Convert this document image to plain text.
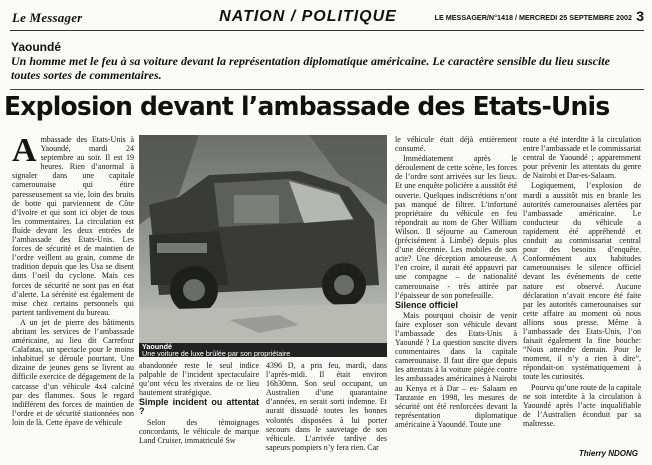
Le Messager	NATION / POLITIQUE	LE MESSAGER/N°1418 / MERCREDI 25 SEPTEMBRE 2002 3
Yaoundé
Un homme met le feu à sa voiture devant la représentation diplomatique américaine. Le caractère sensible du lieu suscite toutes sortes de commentaires.
Explosion devant l’ambassade des Etats-Unis

Ambassade des Etats-Unis à Yaoundé, mardi 24 septembre au soir. Il est 19 heures. Rien d’anormal à signaler dans une capitale camerounaise qui étire paresseusement sa vie, loin des bruits de botte qui parviennent de Côte d’Ivoire et qui sont ici objet de tous les commentaires. La circulation est fluide devant les deux entrées de l’ambassade des Etats-Unis. Les forces de sécurité et de maintien de l’ordre veillent au grain, comme de tradition depuis que les Usa se disent dans l’oeil du cyclone. Mais ces forces de sécurité ne sont pas en état d’alerte. La sérénité est également de mise chez certains personnels qui partent tardivement du bureau.

A un jet de pierre des bâtiments abritant les services de l’ambassade américaine, au lieu dit Carrefour Calafatas, un spectacle pour le moins inhabituel se déroule pourtant. Une dizaine de jeunes gens se livrent au difficile exercice de dégagement de la carcasse d’un véhicule 4x4 calciné par des flammes. Sous le regard indifférent des forces de maintien de l’ordre et de sécurité stationnées non loin de là. Cette épave de véhicule

Yaoundé
Une voiture de luxe brûlée par son propriétaire

abandonnée reste le seul indice palpable de l’incident spectaculaire qu’ont vécu les riverains de ce lieu hautement stratégique.

Simple incident ou attentat ?

Selon des témoignages concordants, le véhicule de marque Land Cruiser, immatriculé Sw

4396 D, a pris feu, mardi, dans l’après-midi. Il était environ 16h30mn. Son seul occupant, un Australien d’une quarantaine d’années, en serait sorti indemne. Et aurait dissuadé toutes les bonnes volontés disposées à lui porter secours dans le sauvetage de son véhicule. L’arrivée tardive des sapeurs pompiers n’y fera rien. Car

le véhicule était déjà entièrement consumé.

Immédiatement après le déroulement de cette scène, les forces de l’ordre sont arrivées sur les lieux. Et une enquête policière a aussitôt été ouverte. Quelques indiscrétions n’ont pas manqué de filtrer. L’infortuné propriétaire du véhicule en feu répondrait au nom de Gher William Wilson. Il séjourne au Cameroun (précisément à Limbé) depuis plus d’une décennie. Les mobiles de son acte? Une déception amoureuse. A l’en croire, il aurait été appauvri par une compagne – de nationalité camerounaise - très attirée par l’épaisseur de son portefeuille.

Silence officiel

Mais pourquoi choisir de venir faire exploser son véhicule devant l’ambassade des Etats-Unis à Yaoundé ? La question suscite divers commentaires dans la capitale camerounaise. Il faut dire que depuis les attentats à la voiture piégée contre les ambassades américaines à Nairobi au Kenya et à Dar – es- Salaam en Tanzanie en 1998, les mesures de sécurité ont été renforcées devant la représentation diplomatique américaine à Yaoundé. Toute une

route a été interdite à la circulation entre l’ambassade et le commissariat central de Yaoundé ; apparemment pour prévenir les attentats du genre de Nairobi et Dar-es-Salaam.

Logiquement, l’explosion de mardi a aussitôt mis en branle les autorités camerounaises alertées par l’ambassade américaine. Le conducteur du véhicule a rapidement été appréhendé et conduit au commissariat central pour des besoins d’enquête. Conformément aux habitudes camerounaises le silence officiel devant les événements de cette nature est observé. Aucune déclaration n’avait encore été faite par les autorités camerounaises sur cette affaire au moment où nous allions sous presse. Même à l’ambassade des Etats-Unis, l’on faisait également la fine bouche: “Nous attendre demain. Pour le moment, il n’y a rien à dire”, répondait-on systématiquement à toute les curiosités.

Pourvu qu’une route de la capitale ne soit interdite à la circulation à Yaoundé après l’acte inqualifiable de l’Australien éconduit par sa maîtresse.

Thierry NDONG
